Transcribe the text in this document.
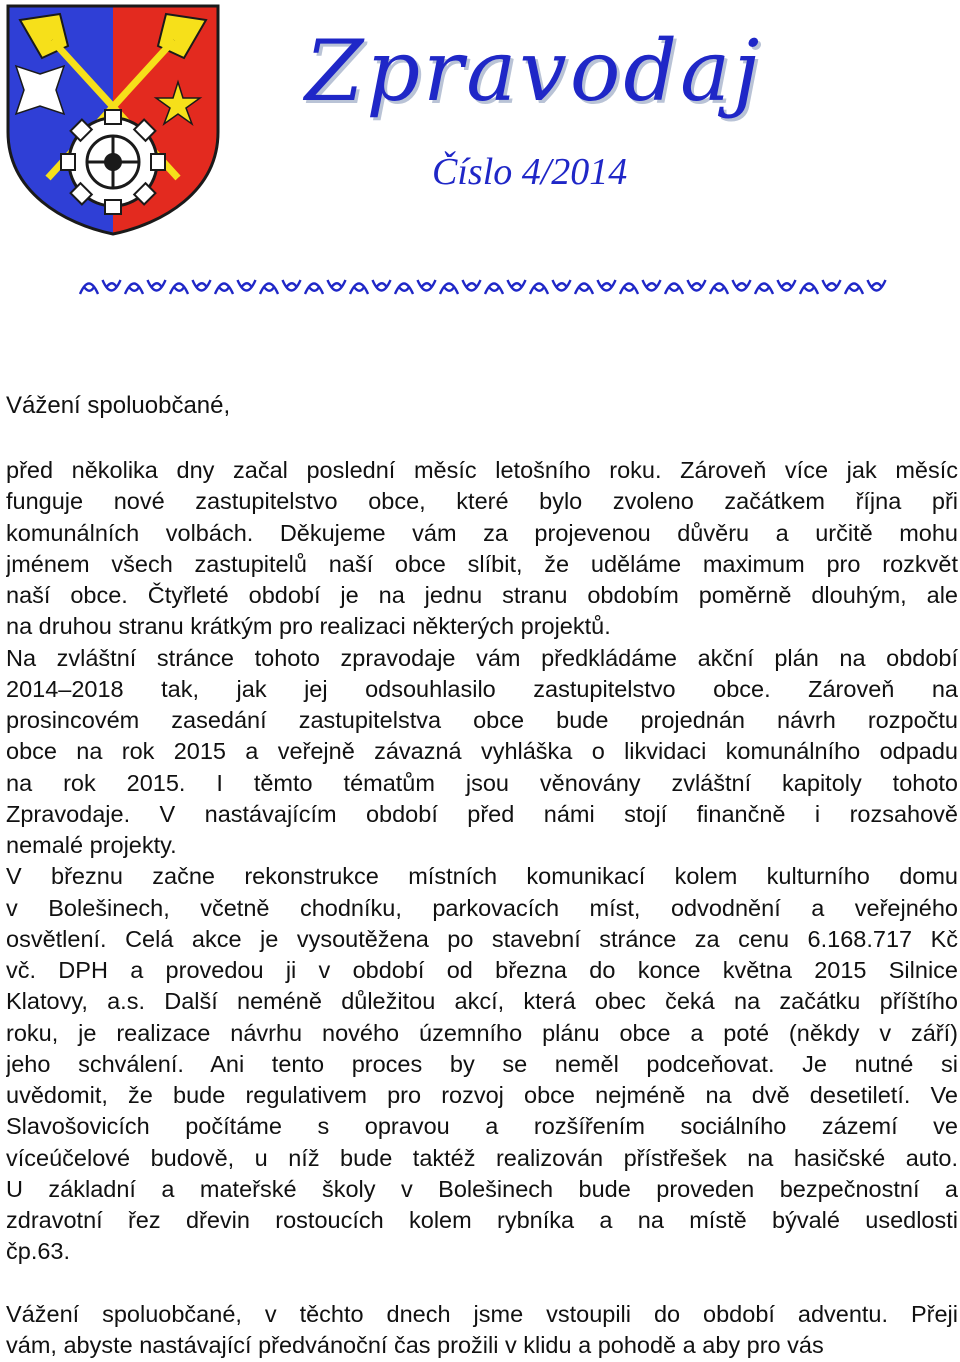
Zpravodaj
Číslo 4/2014
Vážení spoluobčané,
před několika dny začal poslední měsíc letošního roku. Zároveň více jak měsíc
funguje nové zastupitelstvo obce, které bylo zvoleno začátkem října při
komunálních volbách. Děkujeme vám za projevenou důvěru a určitě mohu
jménem všech zastupitelů naší obce slíbit, že uděláme maximum pro rozkvět
naší obce. Čtyřleté období je na jednu stranu obdobím poměrně dlouhým, ale
na druhou stranu krátkým pro realizaci některých projektů.
Na zvláštní stránce tohoto zpravodaje vám předkládáme akční plán na období
2014–2018 tak, jak jej odsouhlasilo zastupitelstvo obce. Zároveň na
prosincovém zasedání zastupitelstva obce bude projednán návrh rozpočtu
obce na rok 2015 a veřejně závazná vyhláška o likvidaci komunálního odpadu
na rok 2015. I těmto tématům jsou věnovány zvláštní kapitoly tohoto
Zpravodaje. V nastávajícím období před námi stojí finančně i rozsahově
nemalé projekty.
V březnu začne rekonstrukce místních komunikací kolem kulturního domu
v Bolešinech, včetně chodníku, parkovacích míst, odvodnění a veřejného
osvětlení. Celá akce je vysoutěžena po stavební stránce za cenu 6.168.717 Kč
vč. DPH a provedou ji v období od března do konce května 2015 Silnice
Klatovy, a.s. Další neméně důležitou akcí, která obec čeká na začátku příštího
roku, je realizace návrhu nového územního plánu obce a poté (někdy v září)
jeho schválení. Ani tento proces by se neměl podceňovat. Je nutné si
uvědomit, že bude regulativem pro rozvoj obce nejméně na dvě desetiletí. Ve
Slavošovicích počítáme s opravou a rozšířením sociálního zázemí ve
víceúčelové budově, u níž bude taktéž realizován přístřešek na hasičské auto.
U základní a mateřské školy v Bolešinech bude proveden bezpečnostní a
zdravotní řez dřevin rostoucích kolem rybníka a na místě bývalé usedlosti
čp.63.
Vážení spoluobčané, v těchto dnech jsme vstoupili do období adventu. Přeji
vám, abyste nastávající předvánoční čas prožili v klidu a pohodě a aby pro vás
